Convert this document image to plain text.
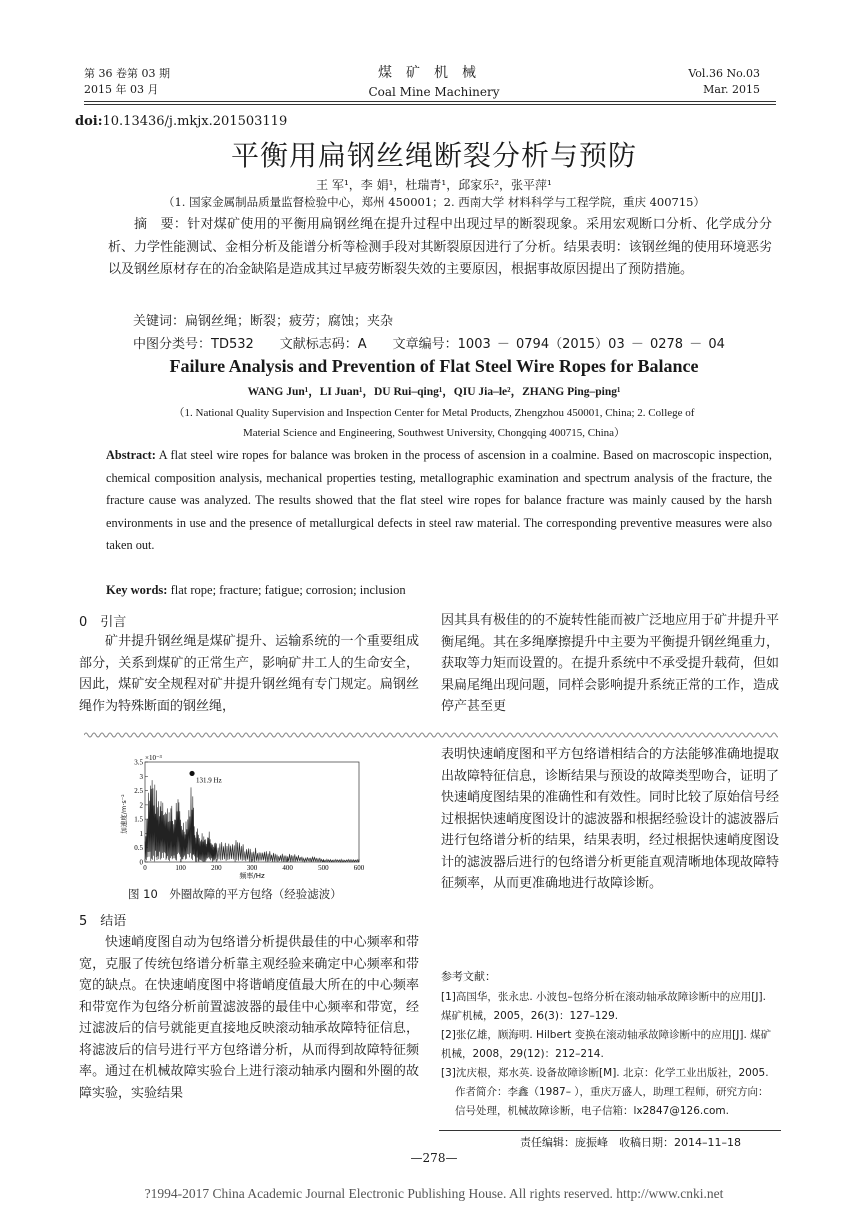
第 36 卷第 03 期
2015 年 03 月
煤矿机械
Coal Mine Machinery
Vol.36 No.03
Mar. 2015
doi:10.13436/j.mkjx.201503119
平衡用扁钢丝绳断裂分析与预防
王 军¹，李 娟¹，杜瑞青¹，邱家乐²，张平萍¹
（1. 国家金属制品质量监督检验中心，郑州 450001；2. 西南大学 材料科学与工程学院，重庆 400715）
摘　要：针对煤矿使用的平衡用扁钢丝绳在提升过程中出现过早的断裂现象。采用宏观断口分析、化学成分分析、力学性能测试、金相分析及能谱分析等检测手段对其断裂原因进行了分析。结果表明：该钢丝绳的使用环境恶劣以及钢丝原材存在的冶金缺陷是造成其过早疲劳断裂失效的主要原因，根据事故原因提出了预防措施。
关键词：扁钢丝绳；断裂；疲劳；腐蚀；夹杂
中图分类号：TD532　　文献标志码：A　　文章编号：1003 － 0794（2015）03 － 0278 － 04
Failure Analysis and Prevention of Flat Steel Wire Ropes for Balance
WANG Jun¹，LI Juan¹，DU Rui–qing¹，QIU Jia–le²，ZHANG Ping–ping¹
（1. National Quality Supervision and Inspection Center for Metal Products, Zhengzhou 450001, China; 2. College of
Material Science and Engineering, Southwest University, Chongqing 400715, China）
Abstract: A flat steel wire ropes for balance was broken in the process of ascension in a coalmine. Based on macroscopic inspection, chemical composition analysis, mechanical properties testing, metallographic examination and spectrum analysis of the fracture, the fracture cause was analyzed. The results showed that the flat steel wire ropes for balance fracture was mainly caused by the harsh environments in use and the presence of metallurgical defects in steel raw material. The corresponding preventive measures were also taken out.
Key words: flat rope; fracture; fatigue; corrosion; inclusion
0　引言
矿井提升钢丝绳是煤矿提升、运输系统的一个重要组成部分，关系到煤矿的正常生产，影响矿井工人的生命安全，因此，煤矿安全规程对矿井提升钢丝绳有专门规定。扁钢丝绳作为特殊断面的钢丝绳，
因其具有极佳的的不旋转性能而被广泛地应用于矿井提升平衡尾绳。其在多绳摩擦提升中主要为平衡提升钢丝绳重力，获取等力矩而设置的。在提升系统中不承受提升载荷，但如果扁尾绳出现问题，同样会影响提升系统正常的工作，造成停产甚至更
×10⁻³
0
0.5
1
1.5
2
2.5
3
3.5
0	100	200	300	400	500	600
131.9 Hz
加速度/m·s⁻²
频率/Hz
图 10　外圈故障的平方包络（经验滤波）
5　结语
快速峭度图自动为包络谱分析提供最佳的中心频率和带宽，克服了传统包络谱分析靠主观经验来确定中心频率和带宽的缺点。在快速峭度图中将谐峭度值最大所在的中心频率和带宽作为包络分析前置滤波器的最佳中心频率和带宽，经过滤波后的信号就能更直接地反映滚动轴承故障特征信息，将滤波后的信号进行平方包络谱分析，从而得到故障特征频率。通过在机械故障实验台上进行滚动轴承内圈和外圈的故障实验，实验结果
表明快速峭度图和平方包络谱相结合的方法能够准确地提取出故障特征信息，诊断结果与预设的故障类型吻合，证明了快速峭度图结果的准确性和有效性。同时比较了原始信号经过根据快速峭度图设计的滤波器和根据经验设计的滤波器后进行包络谱分析的结果，结果表明，经过根据快速峭度图设计的滤波器后进行的包络谱分析更能直观清晰地体现故障特征频率，从而更准确地进行故障诊断。
参考文献：
[1]高国华，张永忠. 小波包–包络分析在滚动轴承故障诊断中的应用[J]. 煤矿机械，2005，26(3)：127–129.
[2]张亿雄，顾海明. Hilbert 变换在滚动轴承故障诊断中的应用[J]. 煤矿机械，2008，29(12)：212–214.
[3]沈庆根，郑水英. 设备故障诊断[M]. 北京：化学工业出版社，2005.
作者简介：李鑫（1987– ），重庆万盛人，助理工程师，研究方向：信号处理，机械故障诊断，电子信箱：lx2847@126.com.
责任编辑：庞振峰　收稿日期：2014–11–18
—278—
?1994-2017 China Academic Journal Electronic Publishing House. All rights reserved. http://www.cnki.net
